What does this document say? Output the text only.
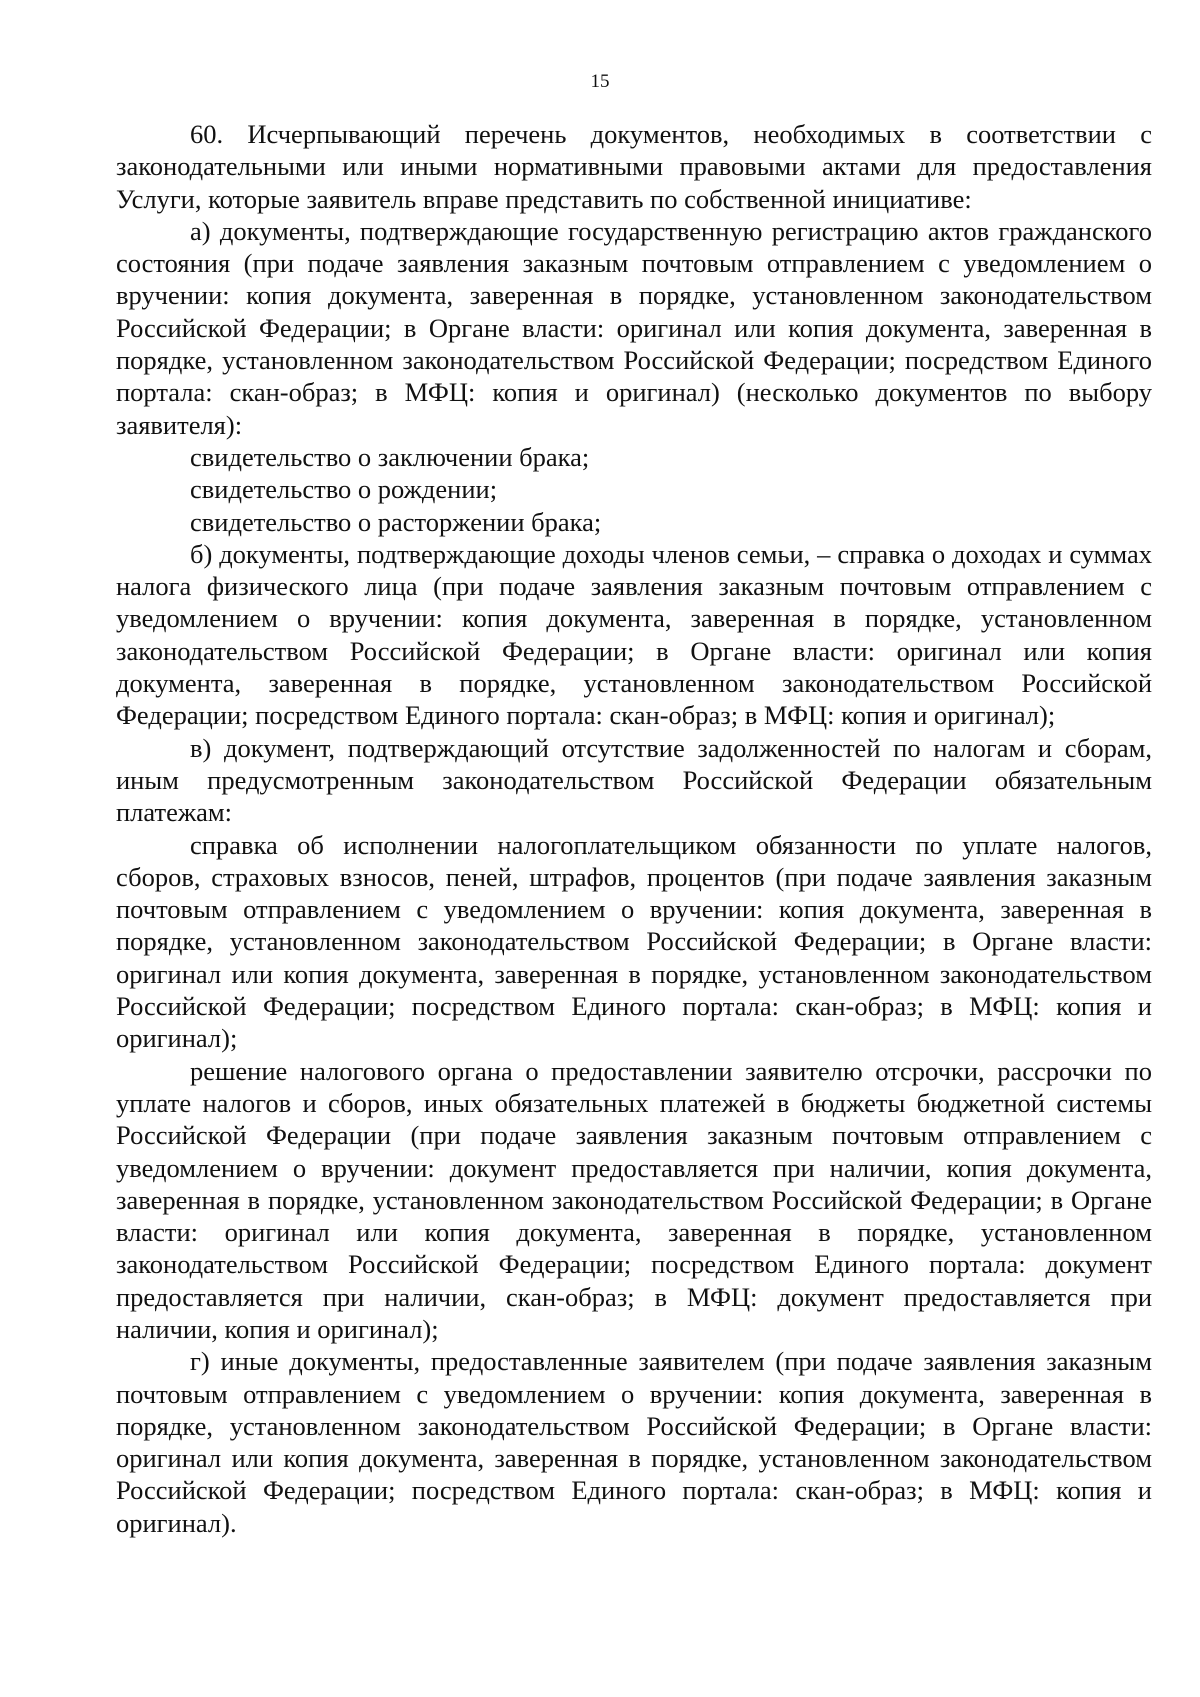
15

60. Исчерпывающий перечень документов, необходимых в соответствии с законодательными или иными нормативными правовыми актами для предоставления Услуги, которые заявитель вправе представить по собственной инициативе:

а) документы, подтверждающие государственную регистрацию актов гражданского состояния (при подаче заявления заказным почтовым отправлением с уведомлением о вручении: копия документа, заверенная в порядке, установленном законодательством Российской Федерации; в Органе власти: оригинал или копия документа, заверенная в порядке, установленном законодательством Российской Федерации; посредством Единого портала: скан-образ; в МФЦ: копия и оригинал) (несколько документов по выбору заявителя):

свидетельство о заключении брака;

свидетельство о рождении;

свидетельство о расторжении брака;

б) документы, подтверждающие доходы членов семьи, – справка о доходах и суммах налога физического лица (при подаче заявления заказным почтовым отправлением с уведомлением о вручении: копия документа, заверенная в порядке, установленном законодательством Российской Федерации; в Органе власти: оригинал или копия документа, заверенная в порядке, установленном законодательством Российской Федерации; посредством Единого портала: скан-образ; в МФЦ: копия и оригинал);

в) документ, подтверждающий отсутствие задолженностей по налогам и сборам, иным предусмотренным законодательством Российской Федерации обязательным платежам:

справка об исполнении налогоплательщиком обязанности по уплате налогов, сборов, страховых взносов, пеней, штрафов, процентов (при подаче заявления заказным почтовым отправлением с уведомлением о вручении: копия документа, заверенная в порядке, установленном законодательством Российской Федерации; в Органе власти: оригинал или копия документа, заверенная в порядке, установленном законодательством Российской Федерации; посредством Единого портала: скан-образ; в МФЦ: копия и оригинал);

решение налогового органа о предоставлении заявителю отсрочки, рассрочки по уплате налогов и сборов, иных обязательных платежей в бюджеты бюджетной системы Российской Федерации (при подаче заявления заказным почтовым отправлением с уведомлением о вручении: документ предоставляется при наличии, копия документа, заверенная в порядке, установленном законодательством Российской Федерации; в Органе власти: оригинал или копия документа, заверенная в порядке, установленном законодательством Российской Федерации; посредством Единого портала: документ предоставляется при наличии, скан-образ; в МФЦ: документ предоставляется при наличии, копия и оригинал);

г) иные документы, предоставленные заявителем (при подаче заявления заказным почтовым отправлением с уведомлением о вручении: копия документа, заверенная в порядке, установленном законодательством Российской Федерации; в Органе власти: оригинал или копия документа, заверенная в порядке, установленном законодательством Российской Федерации; посредством Единого портала: скан-образ; в МФЦ: копия и оригинал).
